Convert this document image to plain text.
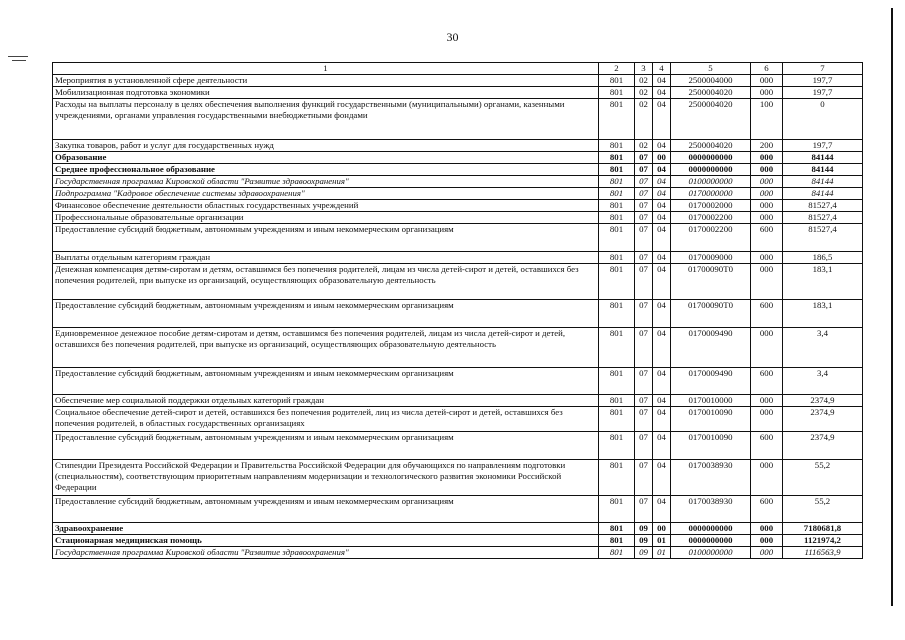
30
1	2	3	4	5	6	7
Мероприятия в установленной сфере деятельности	801	02	04	2500004000	000	197,7
Мобилизационная подготовка экономики	801	02	04	2500004020	000	197,7
Расходы на выплаты персоналу в целях обеспечения выполнения функций государственными (муниципальными) органами, казенными учреждениями, органами управления государственными внебюджетными фондами	801	02	04	2500004020	100	0
Закупка товаров, работ и услуг для государственных нужд	801	02	04	2500004020	200	197,7
Образование	801	07	00	0000000000	000	84144
Среднее профессиональное образование	801	07	04	0000000000	000	84144
Государственная программа Кировской области "Развитие здравоохранения"	801	07	04	0100000000	000	84144
Подпрограмма "Кадровое обеспечение системы здравоохранения"	801	07	04	0170000000	000	84144
Финансовое обеспечение деятельности областных государственных учреждений	801	07	04	0170002000	000	81527,4
Профессиональные образовательные организации	801	07	04	0170002200	000	81527,4
Предоставление субсидий бюджетным, автономным учреждениям и иным некоммерческим организациям	801	07	04	0170002200	600	81527,4
Выплаты отдельным категориям граждан	801	07	04	0170009000	000	186,5
Денежная компенсация детям-сиротам и детям, оставшимся без попечения родителей, лицам из числа детей-сирот и детей, оставшихся без попечения родителей, при выпуске из организаций, осуществляющих образовательную деятельность	801	07	04	01700090Т0	000	183,1
Предоставление субсидий бюджетным, автономным учреждениям и иным некоммерческим организациям	801	07	04	01700090Т0	600	183,1
Единовременное денежное пособие детям-сиротам и детям, оставшимся без попечения родителей, лицам из числа детей-сирот и детей, оставшихся без попечения родителей, при выпуске из организаций, осуществляющих образовательную деятельность	801	07	04	0170009490	000	3,4
Предоставление субсидий бюджетным, автономным учреждениям и иным некоммерческим организациям	801	07	04	0170009490	600	3,4
Обеспечение мер социальной поддержки отдельных категорий граждан	801	07	04	0170010000	000	2374,9
Социальное обеспечение детей-сирот и детей, оставшихся без попечения родителей, лиц из числа детей-сирот и детей, оставшихся без попечения родителей, в областных государственных организациях	801	07	04	0170010090	000	2374,9
Предоставление субсидий бюджетным, автономным учреждениям и иным некоммерческим организациям	801	07	04	0170010090	600	2374,9
Стипендии Президента Российской Федерации и Правительства Российской Федерации для обучающихся по направлениям подготовки (специальностям), соответствующим приоритетным направлениям модернизации и технологического развития экономики Российской Федерации	801	07	04	0170038930	000	55,2
Предоставление субсидий бюджетным, автономным учреждениям и иным некоммерческим организациям	801	07	04	0170038930	600	55,2
Здравоохранение	801	09	00	0000000000	000	7180681,8
Стационарная медицинская помощь	801	09	01	0000000000	000	1121974,2
Государственная программа Кировской области "Развитие здравоохранения"	801	09	01	0100000000	000	1116563,9
